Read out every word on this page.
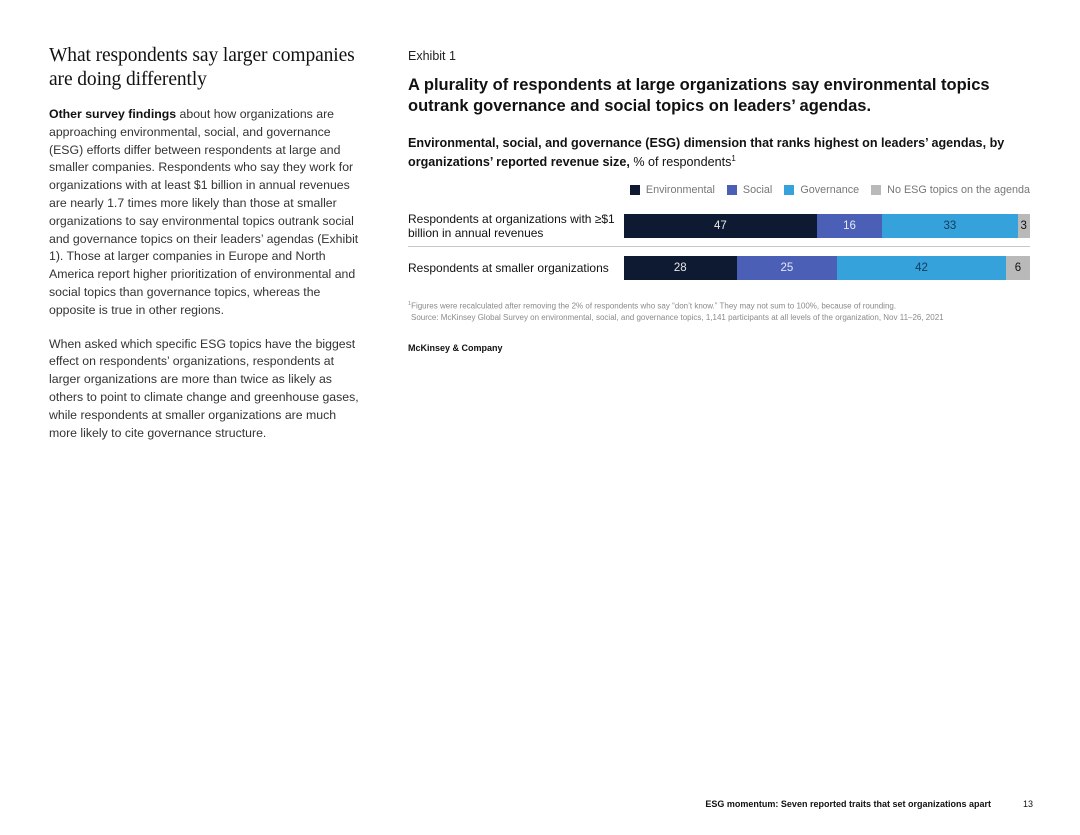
What respondents say larger companies are doing differently

Other survey findings about how organizations are approaching environmental, social, and governance (ESG) efforts differ between respondents at large and smaller companies. Respondents who say they work for organizations with at least $1 billion in annual revenues are nearly 1.7 times more likely than those at smaller organizations to say environmental topics outrank social and governance topics on their leaders’ agendas (Exhibit 1). Those at larger companies in Europe and North America report higher prioritization of environmental and social topics than governance topics, whereas the opposite is true in other regions.

When asked which specific ESG topics have the biggest effect on respondents’ organizations, respondents at larger organizations are more than twice as likely as others to point to climate change and greenhouse gases, while respondents at smaller organizations are much more likely to cite governance structure.

Exhibit 1
A plurality of respondents at large organizations say environmental topics outrank governance and social topics on leaders’ agendas.

Environmental, social, and governance (ESG) dimension that ranks highest on leaders’ agendas, by organizations’ reported revenue size, % of respondents$^1$

Environmental	Social	Governance	No ESG topics on the agenda
Respondents at organizations with ≥$1 billion in annual revenues	47	16	33	3
Respondents at smaller organizations	28	25	42	6
$^1$Figures were recalculated after removing the 2% of respondents who say “don’t know.” They may not sum to 100%, because of rounding.
Source: McKinsey Global Survey on environmental, social, and governance topics, 1,141 participants at all levels of the organization, Nov 11–26, 2021
McKinsey & Company
ESG momentum: Seven reported traits that set organizations apart	13
